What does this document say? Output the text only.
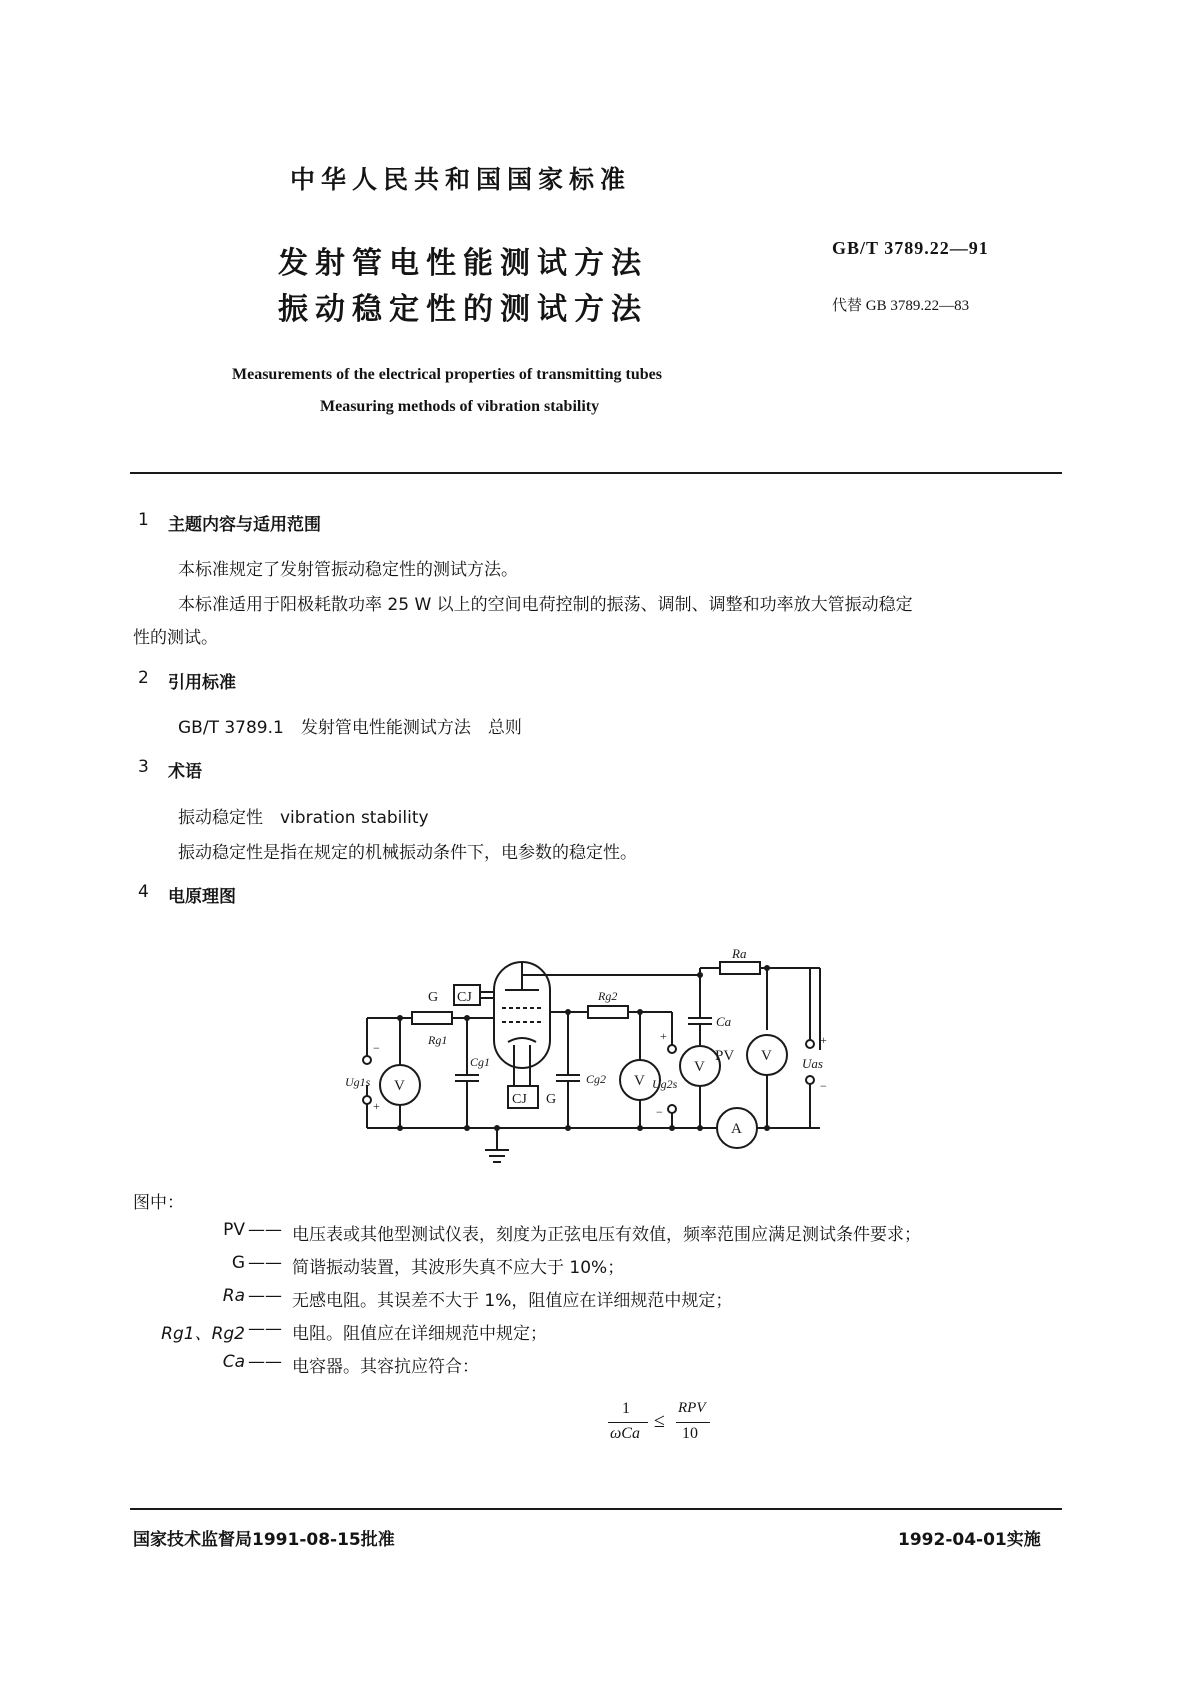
中华人民共和国国家标准
发射管电性能测试方法
振动稳定性的测试方法
GB/T 3789.22—91
代替 GB 3789.22—83
Measurements of the electrical properties of transmitting tubes
Measuring methods of vibration stability
1 主题内容与适用范围
本标准规定了发射管振动稳定性的测试方法。
本标准适用于阳极耗散功率 25 W 以上的空间电荷控制的振荡、调制、调整和功率放大管振动稳定
性的测试。
2 引用标准
GB/T 3789.1　发射管电性能测试方法　总则
3 术语
振动稳定性　vibration stability
振动稳定性是指在规定的机械振动条件下，电参数的稳定性。
4 电原理图
Ra
PV V
+
Uas
−
Ca
V
A
CJ
G
CJ G
Rg1
V
−
Ug1s
+
Cg1
Rg2
Cg2 V
+
Ug2s
−
图中：
PV —— 电压表或其他型测试仪表，刻度为正弦电压有效值，频率范围应满足测试条件要求；
G —— 简谐振动装置，其波形失真不应大于 10%；
Ra —— 无感电阻。其误差不大于 1%，阻值应在详细规范中规定；
Rg1、Rg2 —— 电阻。阻值应在详细规范中规定；
Ca —— 电容器。其容抗应符合：
1
ωCa
≤
RPV
10
国家技术监督局1991-08-15批准	1992-04-01实施
